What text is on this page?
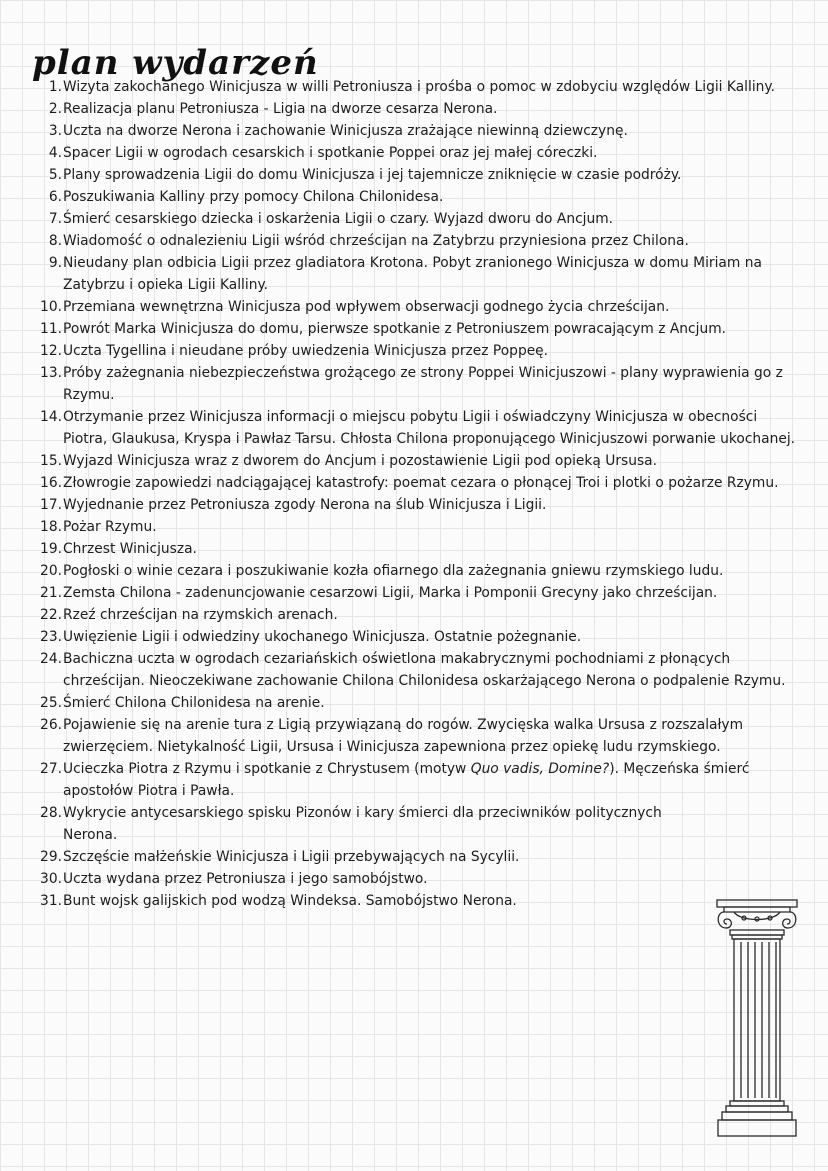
plan wydarzeń
1. Wizyta zakochanego Winicjusza w willi Petroniusza i prośba o pomoc w zdobyciu względów Ligii Kalliny.
2. Realizacja planu Petroniusza - Ligia na dworze cesarza Nerona.
3. Uczta na dworze Nerona i zachowanie Winicjusza zrażające niewinną dziewczynę.
4. Spacer Ligii w ogrodach cesarskich i spotkanie Poppei oraz jej małej córeczki.
5. Plany sprowadzenia Ligii do domu Winicjusza i jej tajemnicze zniknięcie w czasie podróży.
6. Poszukiwania Kalliny przy pomocy Chilona Chilonidesa.
7. Śmierć cesarskiego dziecka i oskarżenia Ligii o czary. Wyjazd dworu do Ancjum.
8. Wiadomość o odnalezieniu Ligii wśród chrześcijan na Zatybrzu przyniesiona przez Chilona.
9. Nieudany plan odbicia Ligii przez gladiatora Krotona. Pobyt zranionego Winicjusza w domu Miriam na Zatybrzu i opieka Ligii Kalliny.
10. Przemiana wewnętrzna Winicjusza pod wpływem obserwacji godnego życia chrześcijan.
11. Powrót Marka Winicjusza do domu, pierwsze spotkanie z Petroniuszem powracającym z Ancjum.
12. Uczta Tygellina i nieudane próby uwiedzenia Winicjusza przez Poppeę.
13. Próby zażegnania niebezpieczeństwa grożącego ze strony Poppei Winicjuszowi - plany wyprawienia go z Rzymu.
14. Otrzymanie przez Winicjusza informacji o miejscu pobytu Ligii i oświadczyny Winicjusza w obecności Piotra, Glaukusa, Kryspa i Pawłaz Tarsu. Chłosta Chilona proponującego Winicjuszowi porwanie ukochanej.
15. Wyjazd Winicjusza wraz z dworem do Ancjum i pozostawienie Ligii pod opieką Ursusa.
16. Złowrogie zapowiedzi nadciągającej katastrofy: poemat cezara o płonącej Troi i plotki o pożarze Rzymu.
17. Wyjednanie przez Petroniusza zgody Nerona na ślub Winicjusza i Ligii.
18. Pożar Rzymu.
19. Chrzest Winicjusza.
20. Pogłoski o winie cezara i poszukiwanie kozła ofiarnego dla zażegnania gniewu rzymskiego ludu.
21. Zemsta Chilona - zadenuncjowanie cesarzowi Ligii, Marka i Pomponii Grecyny jako chrześcijan.
22. Rzeź chrześcijan na rzymskich arenach.
23. Uwięzienie Ligii i odwiedziny ukochanego Winicjusza. Ostatnie pożegnanie.
24. Bachiczna uczta w ogrodach cezariańskich oświetlona makabrycznymi pochodniami z płonących chrześcijan. Nieoczekiwane zachowanie Chilona Chilonidesa oskarżającego Nerona o podpalenie Rzymu.
25. Śmierć Chilona Chilonidesa na arenie.
26. Pojawienie się na arenie tura z Ligią przywiązaną do rogów. Zwycięska walka Ursusa z rozszalałym zwierzęciem. Nietykalność Ligii, Ursusa i Winicjusza zapewniona przez opiekę ludu rzymskiego.
27. Ucieczka Piotra z Rzymu i spotkanie z Chrystusem (motyw Quo vadis, Domine?). Męczeńska śmierć apostołów Piotra i Pawła.
28. Wykrycie antycesarskiego spisku Pizonów i kary śmierci dla przeciwników politycznych Nerona.
29. Szczęście małżeńskie Winicjusza i Ligii przebywających na Sycylii.
30. Uczta wydana przez Petroniusza i jego samobójstwo.
31. Bunt wojsk galijskich pod wodzą Windeksa. Samobójstwo Nerona.
